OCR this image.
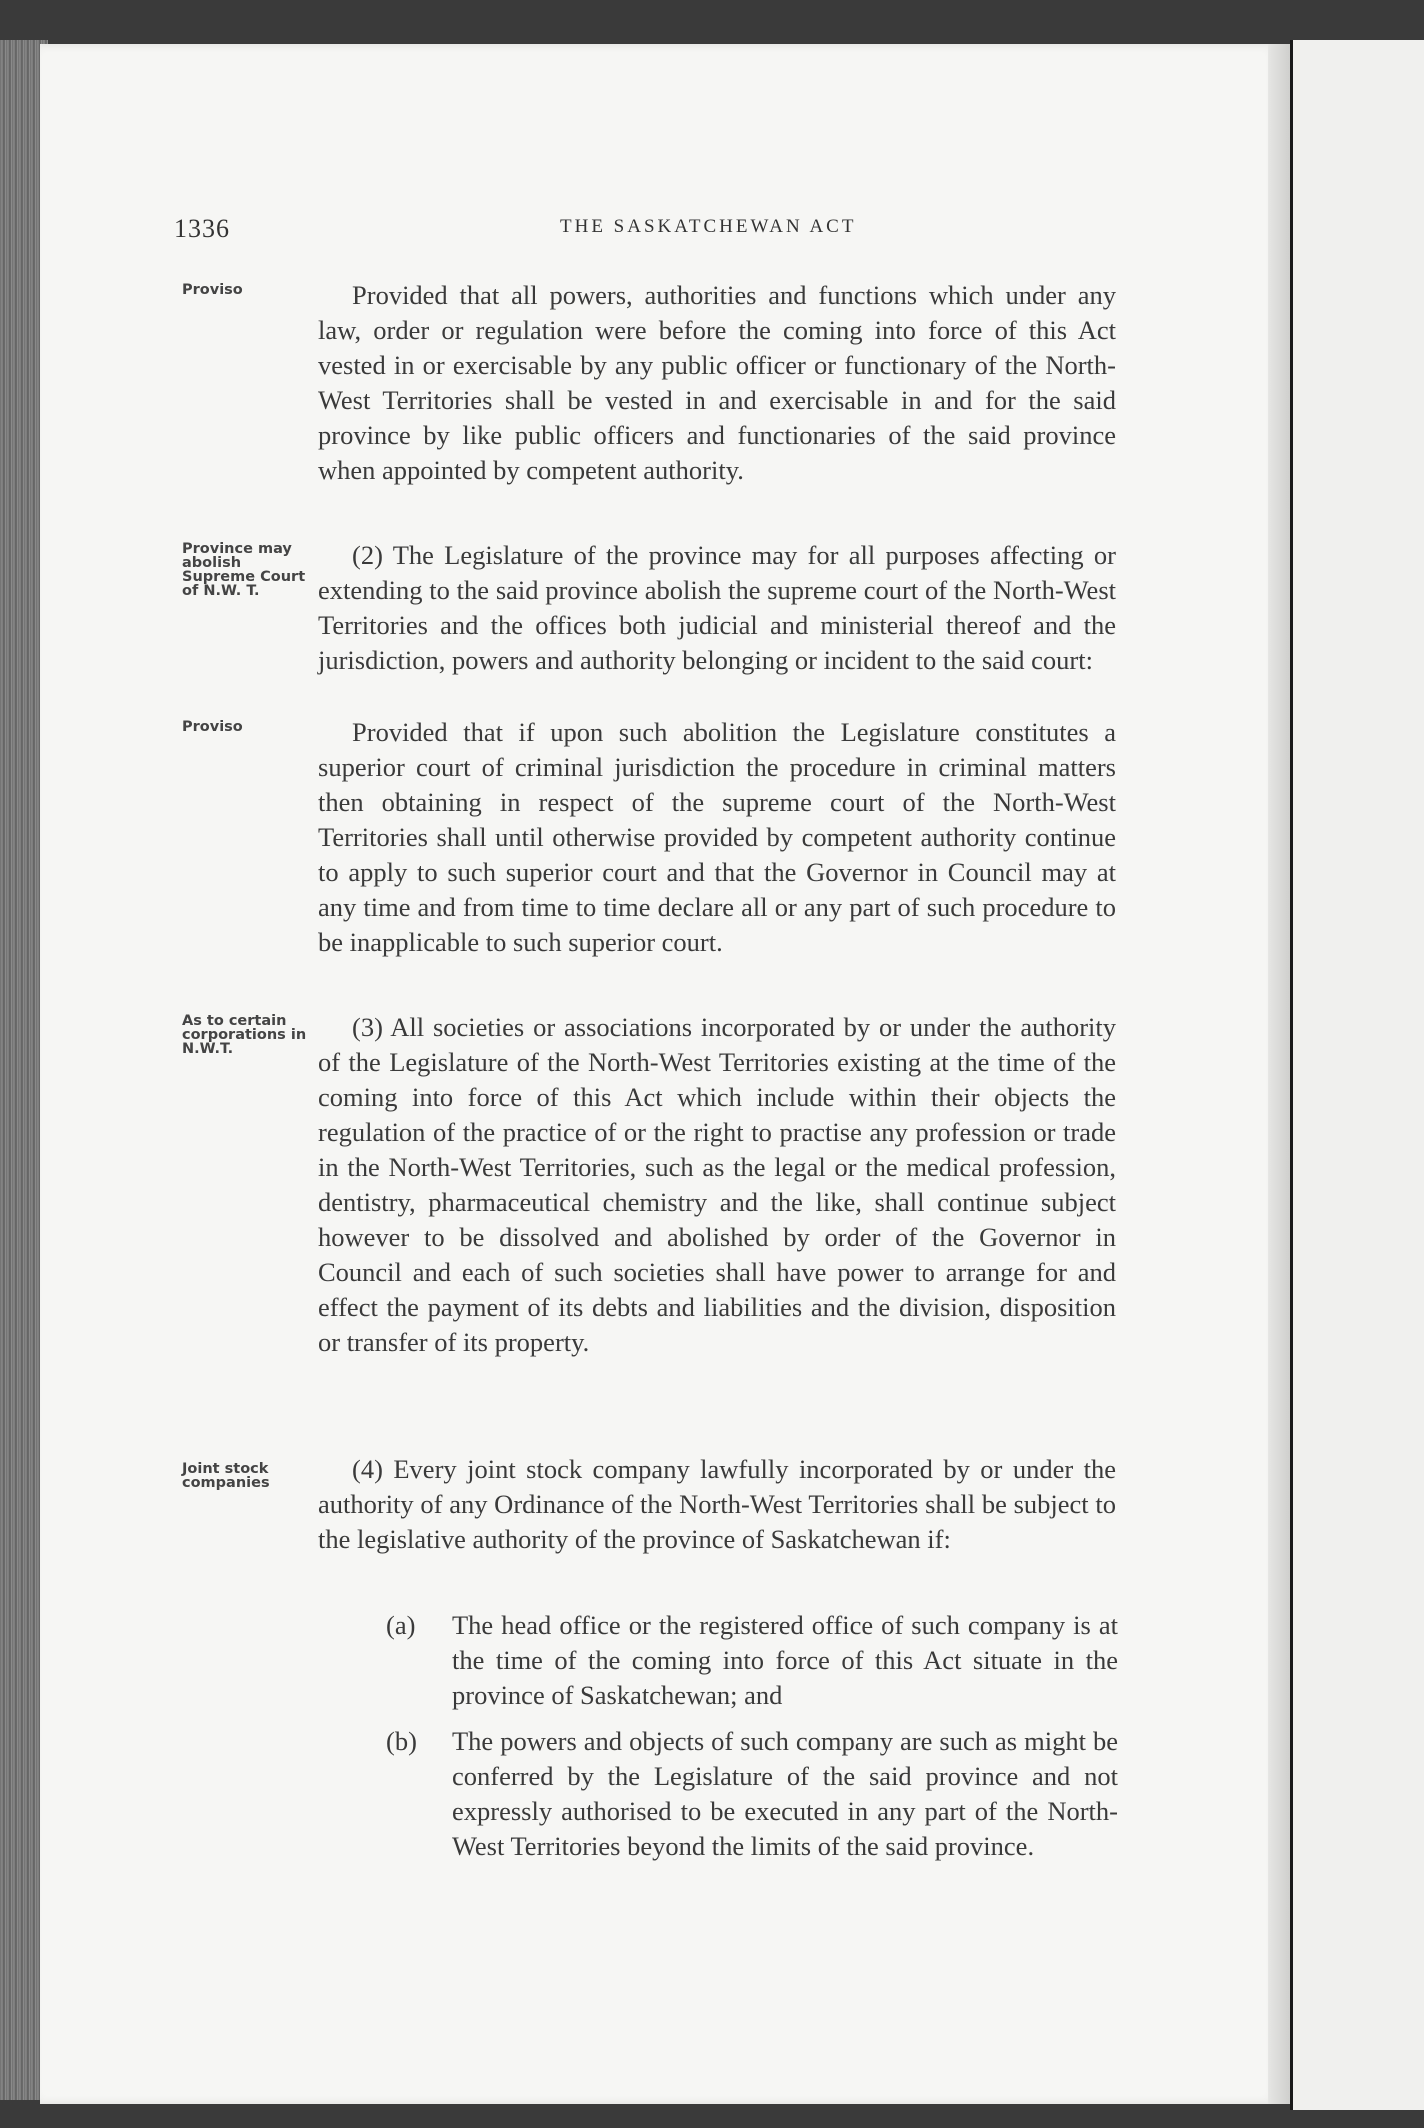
1336	THE SASKATCHEWAN ACT
Proviso	Provided that all powers, authorities and functions which under any law, order or regulation were before the coming into force of this Act vested in or exercisable by any public officer or functionary of the North-West Territories shall be vested in and exercisable in and for the said province by like public officers and functionaries of the said province when appointed by competent authority.

Province may abolish Supreme Court of N.W. T.

(2) The Legislature of the province may for all purposes affecting or extending to the said province abolish the supreme court of the North-West Territories and the offices both judicial and ministerial thereof and the jurisdiction, powers and authority belonging or incident to the said court:

Proviso	Provided that if upon such abolition the Legislature constitutes a superior court of criminal jurisdiction the procedure in criminal matters then obtaining in respect of the supreme court of the North-West Territories shall until otherwise provided by competent authority continue to apply to such superior court and that the Governor in Council may at any time and from time to time declare all or any part of such procedure to be inapplicable to such superior court.

As to certain corporations in N.W.T.

(3) All societies or associations incorporated by or under the authority of the Legislature of the North-West Territories existing at the time of the coming into force of this Act which include within their objects the regulation of the practice of or the right to practise any profession or trade in the North-West Territories, such as the legal or the medical profession, dentistry, pharmaceutical chemistry and the like, shall continue subject however to be dissolved and abolished by order of the Governor in Council and each of such societies shall have power to arrange for and effect the payment of its debts and liabilities and the division, disposition or transfer of its property.

Joint stock companies	(4) Every joint stock company lawfully incorporated by or under the authority of any Ordinance of the North-West Territories shall be subject to the legislative authority of the province of Saskatchewan if:

(a) The head office or the registered office of such company is at the time of the coming into force of this Act situate in the province of Saskatchewan; and
(b) The powers and objects of such company are such as might be conferred by the Legislature of the said province and not expressly authorised to be executed in any part of the North-West Territories beyond the limits of the said province.
